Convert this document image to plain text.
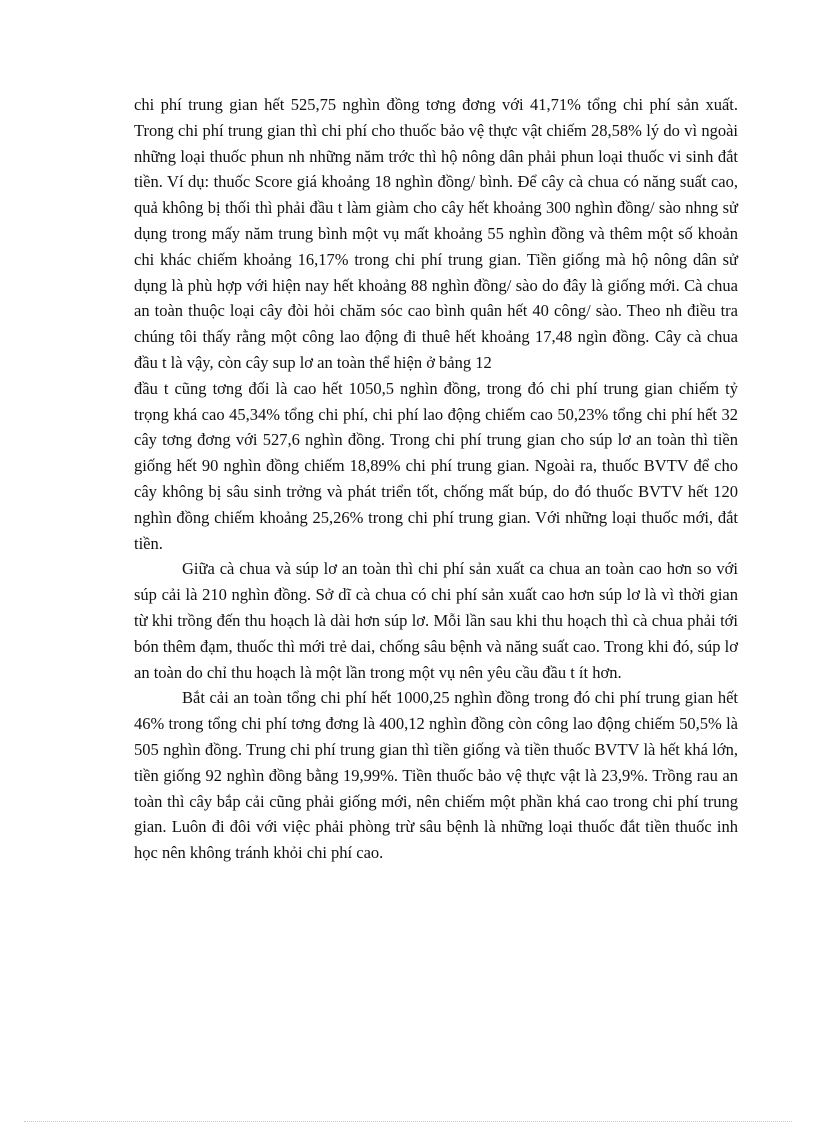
chi phí trung gian hết 525,75 nghìn đồng tơng đơng với 41,71% tổng chi phí sản xuất. Trong chi phí trung gian thì chi phí cho thuốc bảo vệ thực vật chiếm 28,58% lý do vì ngoài những loại thuốc phun nh những năm trớc thì hộ nông dân phải phun loại thuốc vi sinh đắt tiền. Ví dụ: thuốc Score giá khoảng 18 nghìn đồng/ bình. Để cây cà chua có năng suất cao, quả không bị thối thì phải đầu t làm giàm cho cây hết khoảng 300 nghìn đồng/ sào nhng sử dụng trong mấy năm trung bình một vụ mất khoảng 55 nghìn đồng và thêm một số khoản chi khác chiếm khoảng 16,17% trong chi phí trung gian. Tiền giống mà hộ nông dân sử dụng là phù hợp với hiện nay hết khoảng 88 nghìn đồng/ sào do đây là giống mới. Cà chua an toàn thuộc loại cây đòi hỏi chăm sóc cao bình quân hết 40 công/ sào. Theo nh điều tra chúng tôi thấy rằng một công lao động đi thuê hết khoảng 17,48 ngìn đồng. Cây cà chua đầu t là vậy, còn cây sup lơ an toàn thể hiện ở bảng 12

đầu t cũng tơng đối là cao hết 1050,5 nghìn đồng, trong đó chi phí trung gian chiếm tỷ trọng khá cao 45,34% tổng chi phí, chi phí lao động chiếm cao 50,23% tổng chi phí hết 32 cây tơng đơng với 527,6 nghìn đồng. Trong chi phí trung gian cho súp lơ an toàn thì tiền giống hết 90 nghìn đồng chiếm 18,89% chi phí trung gian. Ngoài ra, thuốc BVTV để cho cây không bị sâu sinh trởng và phát triển tốt, chống mất búp, do đó thuốc BVTV hết 120 nghìn đồng chiếm khoảng 25,26% trong chi phí trung gian. Với những loại thuốc mới, đắt tiền.

Giữa cà chua và súp lơ an toàn thì chi phí sản xuất ca chua an toàn cao hơn so với súp cải là 210 nghìn đồng. Sở dĩ cà chua có chi phí sản xuất cao hơn súp lơ là vì thời gian từ khi trồng đến thu hoạch là dài hơn súp lơ. Mỗi lần sau khi thu hoạch thì cà chua phải tới bón thêm đạm, thuốc thì mới trẻ dai, chống sâu bệnh và năng suất cao. Trong khi đó, súp lơ an toàn do chỉ thu hoạch là một lần trong một vụ nên yêu cầu đầu t ít hơn.

Bắt cải an toàn tổng chi phí hết 1000,25 nghìn đồng trong đó chi phí trung gian hết 46% trong tổng chi phí tơng đơng là 400,12 nghìn đồng còn công lao động chiếm 50,5% là 505 nghìn đồng. Trung chi phí trung gian thì tiền giống và tiền thuốc BVTV là hết khá lớn, tiền giống 92 nghìn đồng bằng 19,99%. Tiền thuốc bảo vệ thực vật là 23,9%. Trồng rau an toàn thì cây bắp cải cũng phải giống mới, nên chiếm một phần khá cao trong chi phí trung gian. Luôn đi đôi với việc phải phòng trừ sâu bệnh là những loại thuốc đắt tiền thuốc inh học nên không tránh khỏi chi phí cao.
